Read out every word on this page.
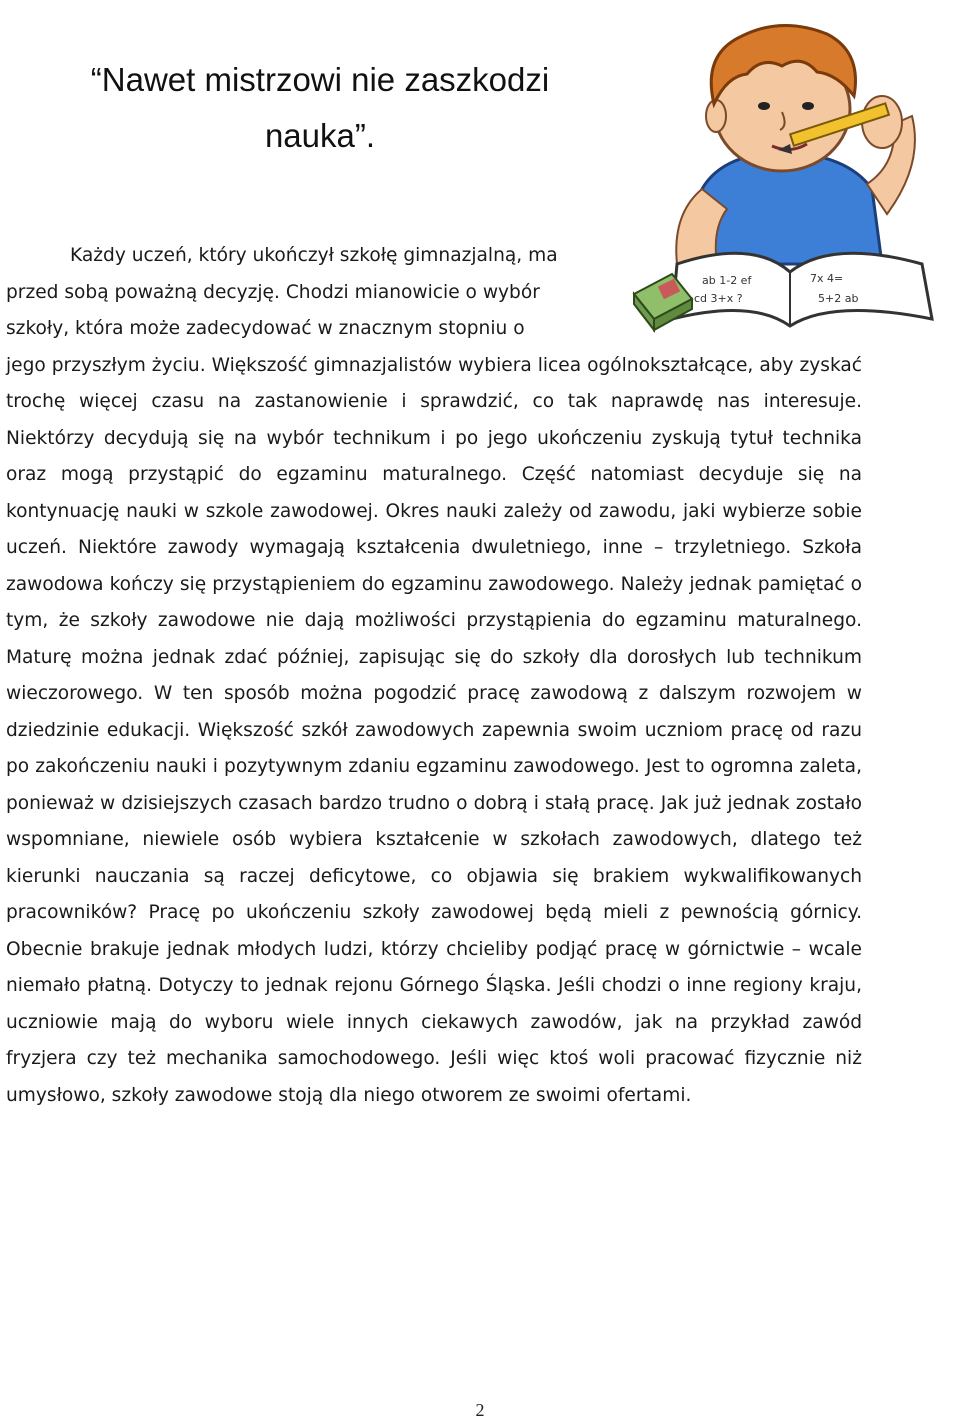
“Nawet mistrzowi nie zaszkodzi
nauka”.
ab 1-2 ef
cd 3+x ?
7x 4=
5+2 ab
Każdy uczeń, który ukończył szkołę gimnazjalną, ma
przed sobą poważną decyzję. Chodzi mianowicie o wybór
szkoły, która może zadecydować w znacznym stopniu o
jego przyszłym życiu. Większość gimnazjalistów wybiera licea ogólnokształcące, aby zyskać trochę więcej czasu na zastanowienie i sprawdzić, co tak naprawdę nas interesuje. Niektórzy decydują się na wybór technikum i po jego ukończeniu zyskują tytuł technika oraz mogą przystąpić do egzaminu maturalnego. Część natomiast decyduje się na kontynuację nauki w szkole zawodowej. Okres nauki zależy od zawodu, jaki wybierze sobie uczeń. Niektóre zawody wymagają kształcenia dwuletniego, inne – trzyletniego. Szkoła zawodowa kończy się przystąpieniem do egzaminu zawodowego. Należy jednak pamiętać o tym, że szkoły zawodowe nie dają możliwości przystąpienia do egzaminu maturalnego. Maturę można jednak zdać później, zapisując się do szkoły dla dorosłych lub technikum wieczorowego. W ten sposób można pogodzić pracę zawodową z dalszym rozwojem w dziedzinie edukacji. Większość szkół zawodowych zapewnia swoim uczniom pracę od razu po zakończeniu nauki i pozytywnym zdaniu egzaminu zawodowego. Jest to ogromna zaleta, ponieważ w dzisiejszych czasach bardzo trudno o dobrą i stałą pracę. Jak już jednak zostało wspomniane, niewiele osób wybiera kształcenie w szkołach zawodowych, dlatego też kierunki nauczania są raczej deficytowe, co objawia się brakiem wykwalifikowanych pracowników? Pracę po ukończeniu szkoły zawodowej będą mieli z pewnością górnicy. Obecnie brakuje jednak młodych ludzi, którzy chcieliby podjąć pracę w górnictwie – wcale niemało płatną. Dotyczy to jednak rejonu Górnego Śląska. Jeśli chodzi o inne regiony kraju, uczniowie mają do wyboru wiele innych ciekawych zawodów, jak na przykład zawód fryzjera czy też mechanika samochodowego. Jeśli więc ktoś woli pracować fizycznie niż umysłowo, szkoły zawodowe stoją dla niego otworem ze swoimi ofertami.
2
